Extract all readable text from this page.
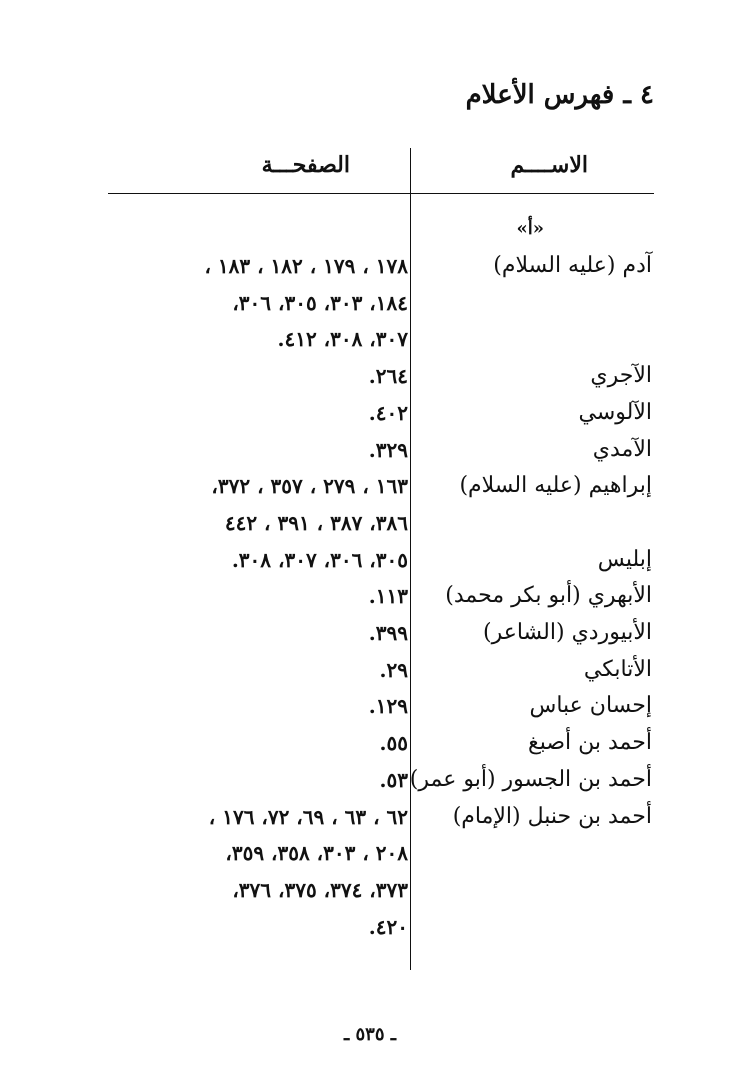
٤ ـ فهرس الأعلام
الاســــم
الصفحـــة
«أ»
آدم (عليه السلام)
١٧٨ ، ١٧٩ ، ١٨٢ ، ١٨٣ ،
١٨٤، ٣٠٣، ٣٠٥، ٣٠٦،
٣٠٧، ٣٠٨، ٤١٢.
الآجري
٢٦٤.
الآلوسي
٤٠٢.
الآمدي
٣٢٩.
إبراهيم (عليه السلام)
١٦٣ ، ٢٧٩ ، ٣٥٧ ، ٣٧٢،
٣٨٦، ٣٨٧ ، ٣٩١ ، ٤٤٢
إبليس
٣٠٥، ٣٠٦، ٣٠٧، ٣٠٨.
الأبهري (أبو بكر محمد)
١١٣.
الأبيوردي (الشاعر)
٣٩٩.
الأتابكي
٢٩.
إحسان عباس
١٢٩.
أحمد بن أصبغ
٥٥.
أحمد بن الجسور (أبو عمر)
٥٣.
أحمد بن حنبل (الإمام)
٦٢ ، ٦٣ ، ٦٩، ٧٢، ١٧٦ ،
٢٠٨ ، ٣٠٣، ٣٥٨، ٣٥٩،
٣٧٣، ٣٧٤، ٣٧٥، ٣٧٦،
٤٢٠.
ـ ٥٣٥ ـ
